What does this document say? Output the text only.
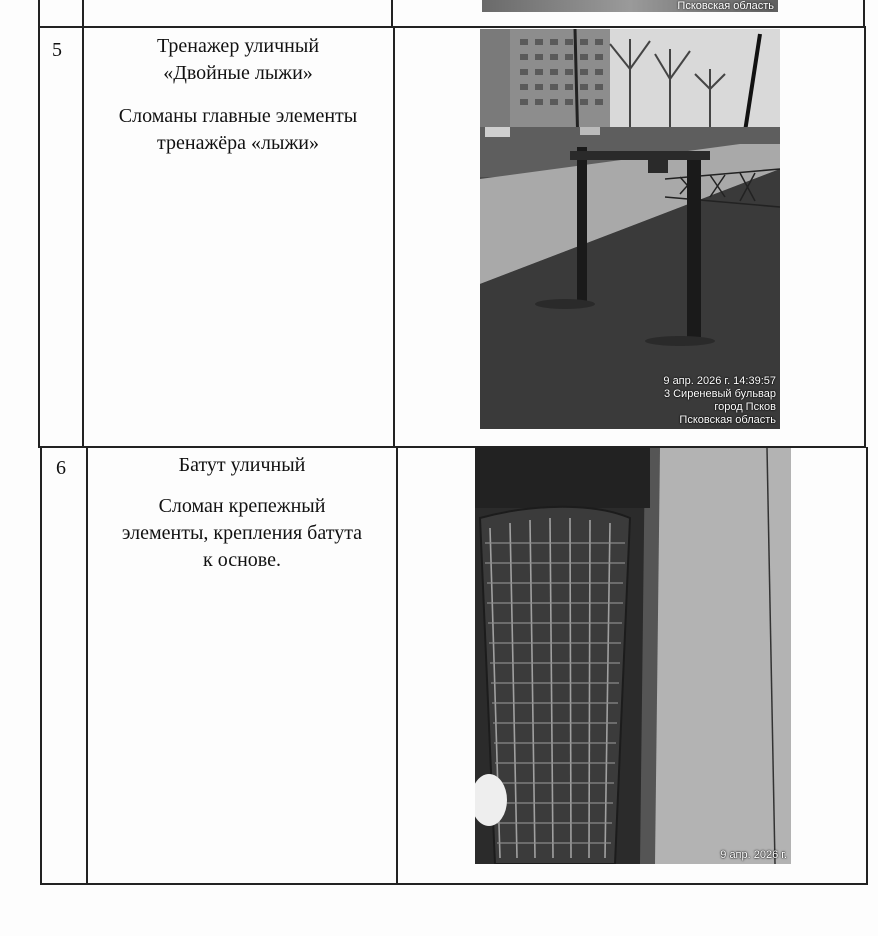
Псковская область
5	Тренажер уличный

«Двойные лыжи»

Сломаны главные элементы

тренажёра «лыжи»

9 апр. 2026 г. 14:39:57
3 Сиреневый бульвар
город Псков
Псковская область
6	Батут уличный

Сломан крепежный

элементы, крепления батута

к основе.

9 апр. 2026 г.
